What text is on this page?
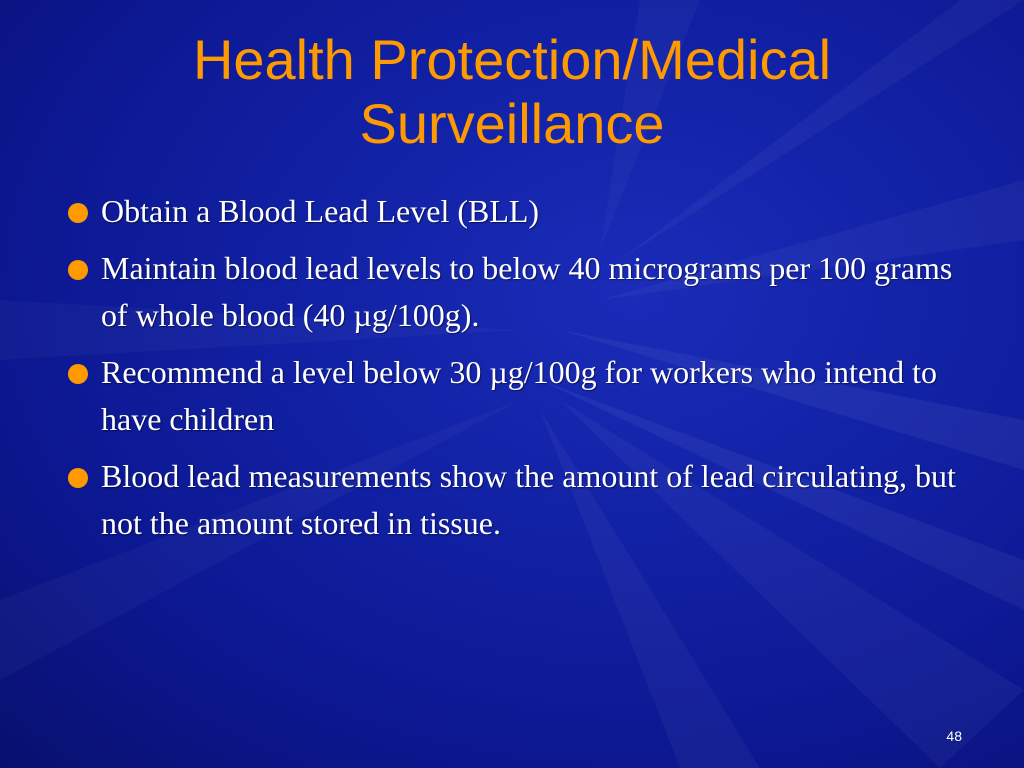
Health Protection/Medical
Surveillance
Obtain a Blood Lead Level (BLL)
Maintain blood lead levels to below 40 micrograms per 100 grams of whole blood (40 µg/100g).
Recommend a level below 30 µg/100g for workers who intend to have children
Blood lead measurements show the amount of lead circulating, but not the amount stored in tissue.
48
